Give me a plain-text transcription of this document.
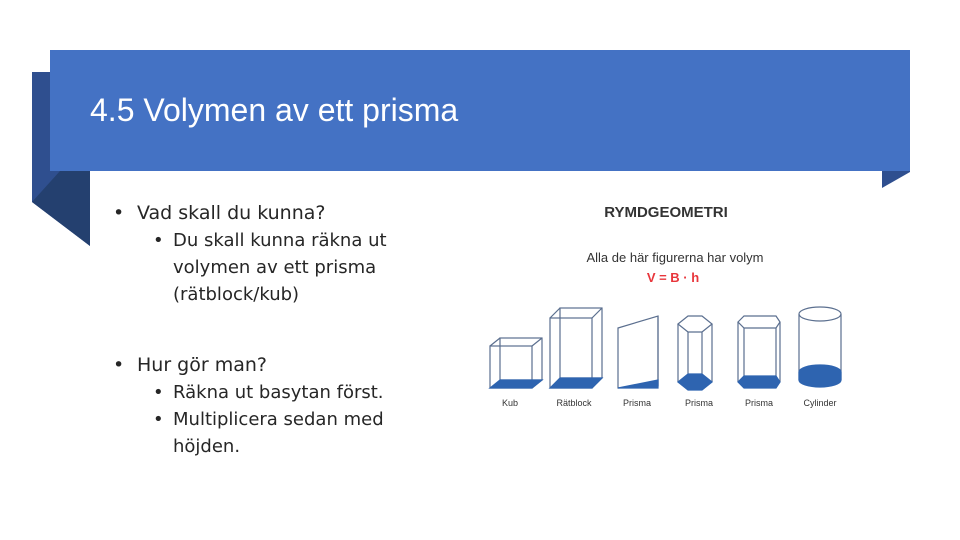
4.5 Volymen av ett prisma
• Vad skall du kunna?
• Du skall kunna räkna ut volymen av ett prisma (rätblock/kub)
• Hur gör man?
• Räkna ut basytan först.
• Multiplicera sedan med höjden.
RYMDGEOMETRI
Alla de här figurerna har volym
V = B · h
Kub	Rätblock	Prisma	Prisma	Prisma	Cylinder
